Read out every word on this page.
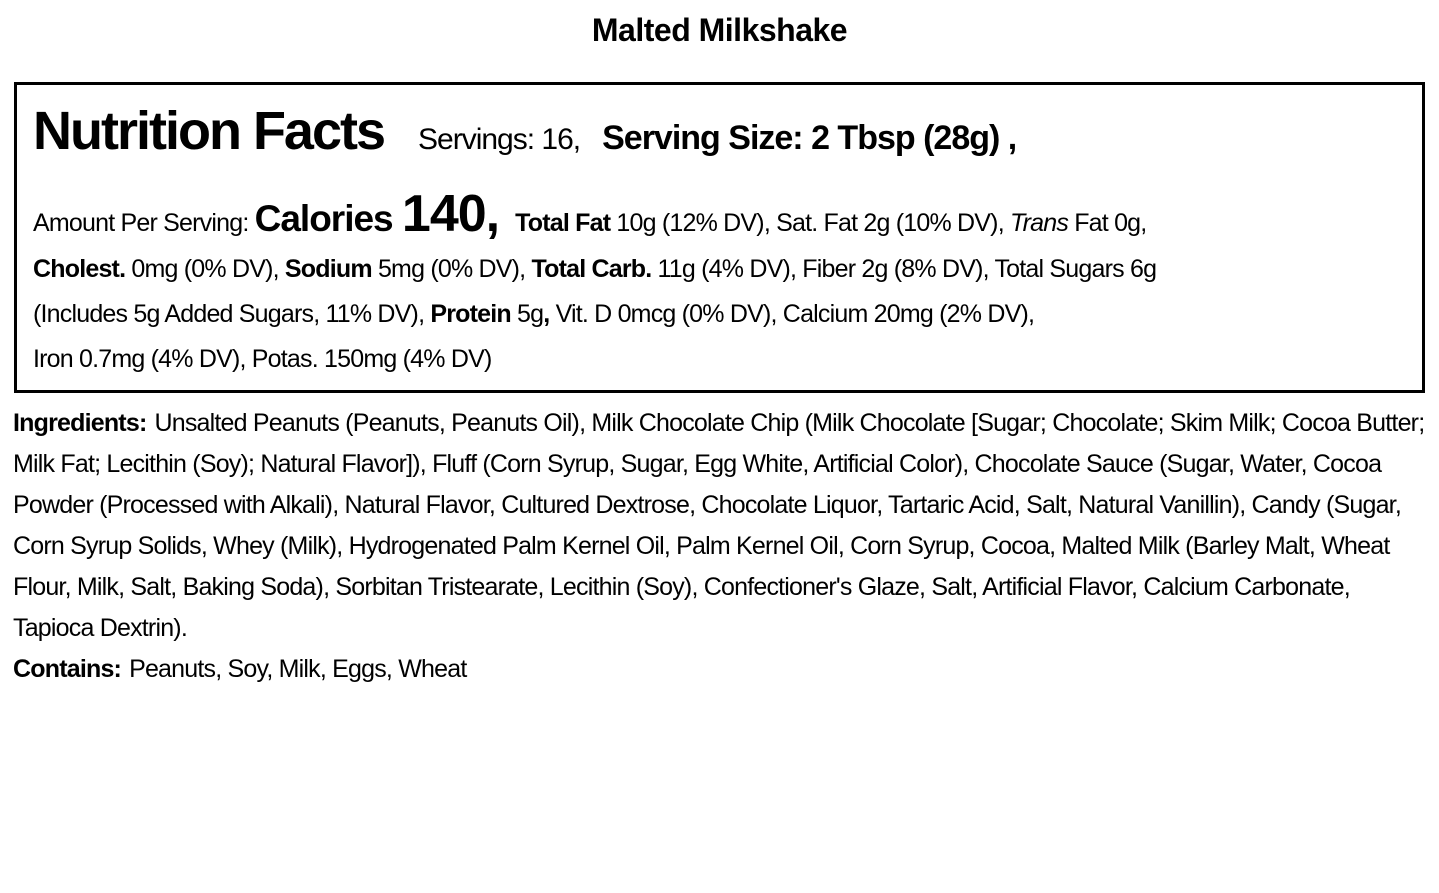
Malted Milkshake
Nutrition Facts Servings: 16, Serving Size: 2 Tbsp (28g) ,
Amount Per Serving: Calories 140, Total Fat 10g (12% DV), Sat. Fat 2g (10% DV), Trans Fat 0g,
Cholest. 0mg (0% DV), Sodium 5mg (0% DV), Total Carb. 11g (4% DV), Fiber 2g (8% DV), Total Sugars 6g
(Includes 5g Added Sugars, 11% DV), Protein 5g, Vit. D 0mcg (0% DV), Calcium 20mg (2% DV),
Iron 0.7mg (4% DV), Potas. 150mg (4% DV)
Ingredients: Unsalted Peanuts (Peanuts, Peanuts Oil), Milk Chocolate Chip (Milk Chocolate [Sugar; Chocolate; Skim Milk; Cocoa Butter; Milk Fat; Lecithin (Soy); Natural Flavor]), Fluff (Corn Syrup, Sugar, Egg White, Artificial Color), Chocolate Sauce (Sugar, Water, Cocoa Powder (Processed with Alkali), Natural Flavor, Cultured Dextrose, Chocolate Liquor, Tartaric Acid, Salt, Natural Vanillin), Candy (Sugar, Corn Syrup Solids, Whey (Milk), Hydrogenated Palm Kernel Oil, Palm Kernel Oil, Corn Syrup, Cocoa, Malted Milk (Barley Malt, Wheat Flour, Milk, Salt, Baking Soda), Sorbitan Tristearate, Lecithin (Soy), Confectioner's Glaze, Salt, Artificial Flavor, Calcium Carbonate, Tapioca Dextrin).
Contains: Peanuts, Soy, Milk, Eggs, Wheat
